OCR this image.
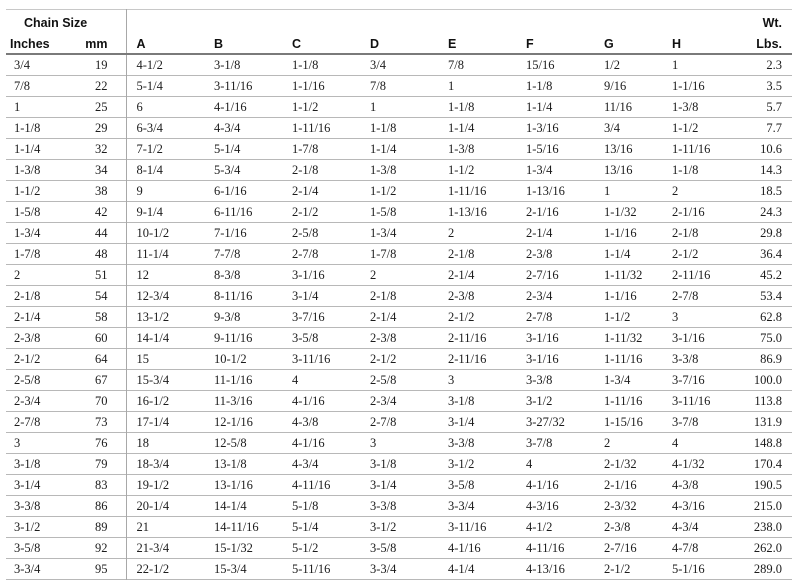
Chain Size										Wt.
Inches	mm	A	B	C	D	E	F	G	H	Lbs.
3/4	19	4-1/2	3-1/8	1-1/8	3/4	7/8	15/16	1/2	1	2.3
7/8	22	5-1/4	3-11/16	1-1/16	7/8	1	1-1/8	9/16	1-1/16	3.5
1	25	6	4-1/16	1-1/2	1	1-1/8	1-1/4	11/16	1-3/8	5.7
1-1/8	29	6-3/4	4-3/4	1-11/16	1-1/8	1-1/4	1-3/16	3/4	1-1/2	7.7
1-1/4	32	7-1/2	5-1/4	1-7/8	1-1/4	1-3/8	1-5/16	13/16	1-11/16	10.6
1-3/8	34	8-1/4	5-3/4	2-1/8	1-3/8	1-1/2	1-3/4	13/16	1-1/8	14.3
1-1/2	38	9	6-1/16	2-1/4	1-1/2	1-11/16	1-13/16	1	2	18.5
1-5/8	42	9-1/4	6-11/16	2-1/2	1-5/8	1-13/16	2-1/16	1-1/32	2-1/16	24.3
1-3/4	44	10-1/2	7-1/16	2-5/8	1-3/4	2	2-1/4	1-1/16	2-1/8	29.8
1-7/8	48	11-1/4	7-7/8	2-7/8	1-7/8	2-1/8	2-3/8	1-1/4	2-1/2	36.4
2	51	12	8-3/8	3-1/16	2	2-1/4	2-7/16	1-11/32	2-11/16	45.2
2-1/8	54	12-3/4	8-11/16	3-1/4	2-1/8	2-3/8	2-3/4	1-1/16	2-7/8	53.4
2-1/4	58	13-1/2	9-3/8	3-7/16	2-1/4	2-1/2	2-7/8	1-1/2	3	62.8
2-3/8	60	14-1/4	9-11/16	3-5/8	2-3/8	2-11/16	3-1/16	1-11/32	3-1/16	75.0
2-1/2	64	15	10-1/2	3-11/16	2-1/2	2-11/16	3-1/16	1-11/16	3-3/8	86.9
2-5/8	67	15-3/4	11-1/16	4	2-5/8	3	3-3/8	1-3/4	3-7/16	100.0
2-3/4	70	16-1/2	11-3/16	4-1/16	2-3/4	3-1/8	3-1/2	1-11/16	3-11/16	113.8
2-7/8	73	17-1/4	12-1/16	4-3/8	2-7/8	3-1/4	3-27/32	1-15/16	3-7/8	131.9
3	76	18	12-5/8	4-1/16	3	3-3/8	3-7/8	2	4	148.8
3-1/8	79	18-3/4	13-1/8	4-3/4	3-1/8	3-1/2	4	2-1/32	4-1/32	170.4
3-1/4	83	19-1/2	13-1/16	4-11/16	3-1/4	3-5/8	4-1/16	2-1/16	4-3/8	190.5
3-3/8	86	20-1/4	14-1/4	5-1/8	3-3/8	3-3/4	4-3/16	2-3/32	4-3/16	215.0
3-1/2	89	21	14-11/16	5-1/4	3-1/2	3-11/16	4-1/2	2-3/8	4-3/4	238.0
3-5/8	92	21-3/4	15-1/32	5-1/2	3-5/8	4-1/16	4-11/16	2-7/16	4-7/8	262.0
3-3/4	95	22-1/2	15-3/4	5-11/16	3-3/4	4-1/4	4-13/16	2-1/2	5-1/16	289.0
